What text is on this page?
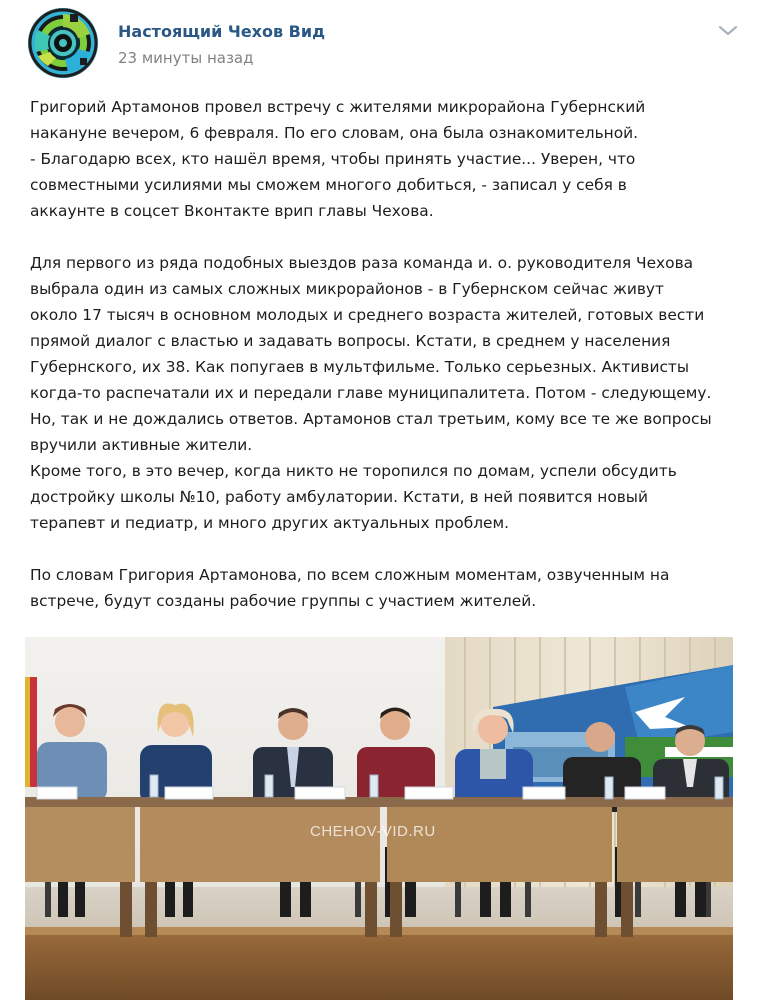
Настоящий Чехов Вид
23 минуты назад

Григорий Артамонов провел встречу с жителями микрорайона Губернский

накануне вечером, 6 февраля. По его словам, она была ознакомительной.

- Благодарю всех, кто нашёл время, чтобы принять участие... Уверен, что

совместными усилиями мы сможем многого добиться, - записал у себя в

аккаунте в соцсет Вконтакте врип главы Чехова.

Для первого из ряда подобных выездов раза команда и. о. руководителя Чехова

выбрала один из самых сложных микрорайонов - в Губернском сейчас живут

около 17 тысяч в основном молодых и среднего возраста жителей, готовых вести

прямой диалог с властью и задавать вопросы. Кстати, в среднем у населения

Губернского, их 38. Как попугаев в мультфильме. Только серьезных. Активисты

когда-то распечатали их и передали главе муниципалитета. Потом - следующему.

Но, так и не дождались ответов. Артамонов стал третьим, кому все те же вопросы

вручили активные жители.

Кроме того, в это вечер, когда никто не торопился по домам, успели обсудить

достройку школы №10, работу амбулатории. Кстати, в ней появится новый

терапевт и педиатр, и много других актуальных проблем.

По словам Григория Артамонова, по всем сложным моментам, озвученным на

встрече, будут созданы рабочие группы с участием жителей.

CHEHOV-VID.RU
